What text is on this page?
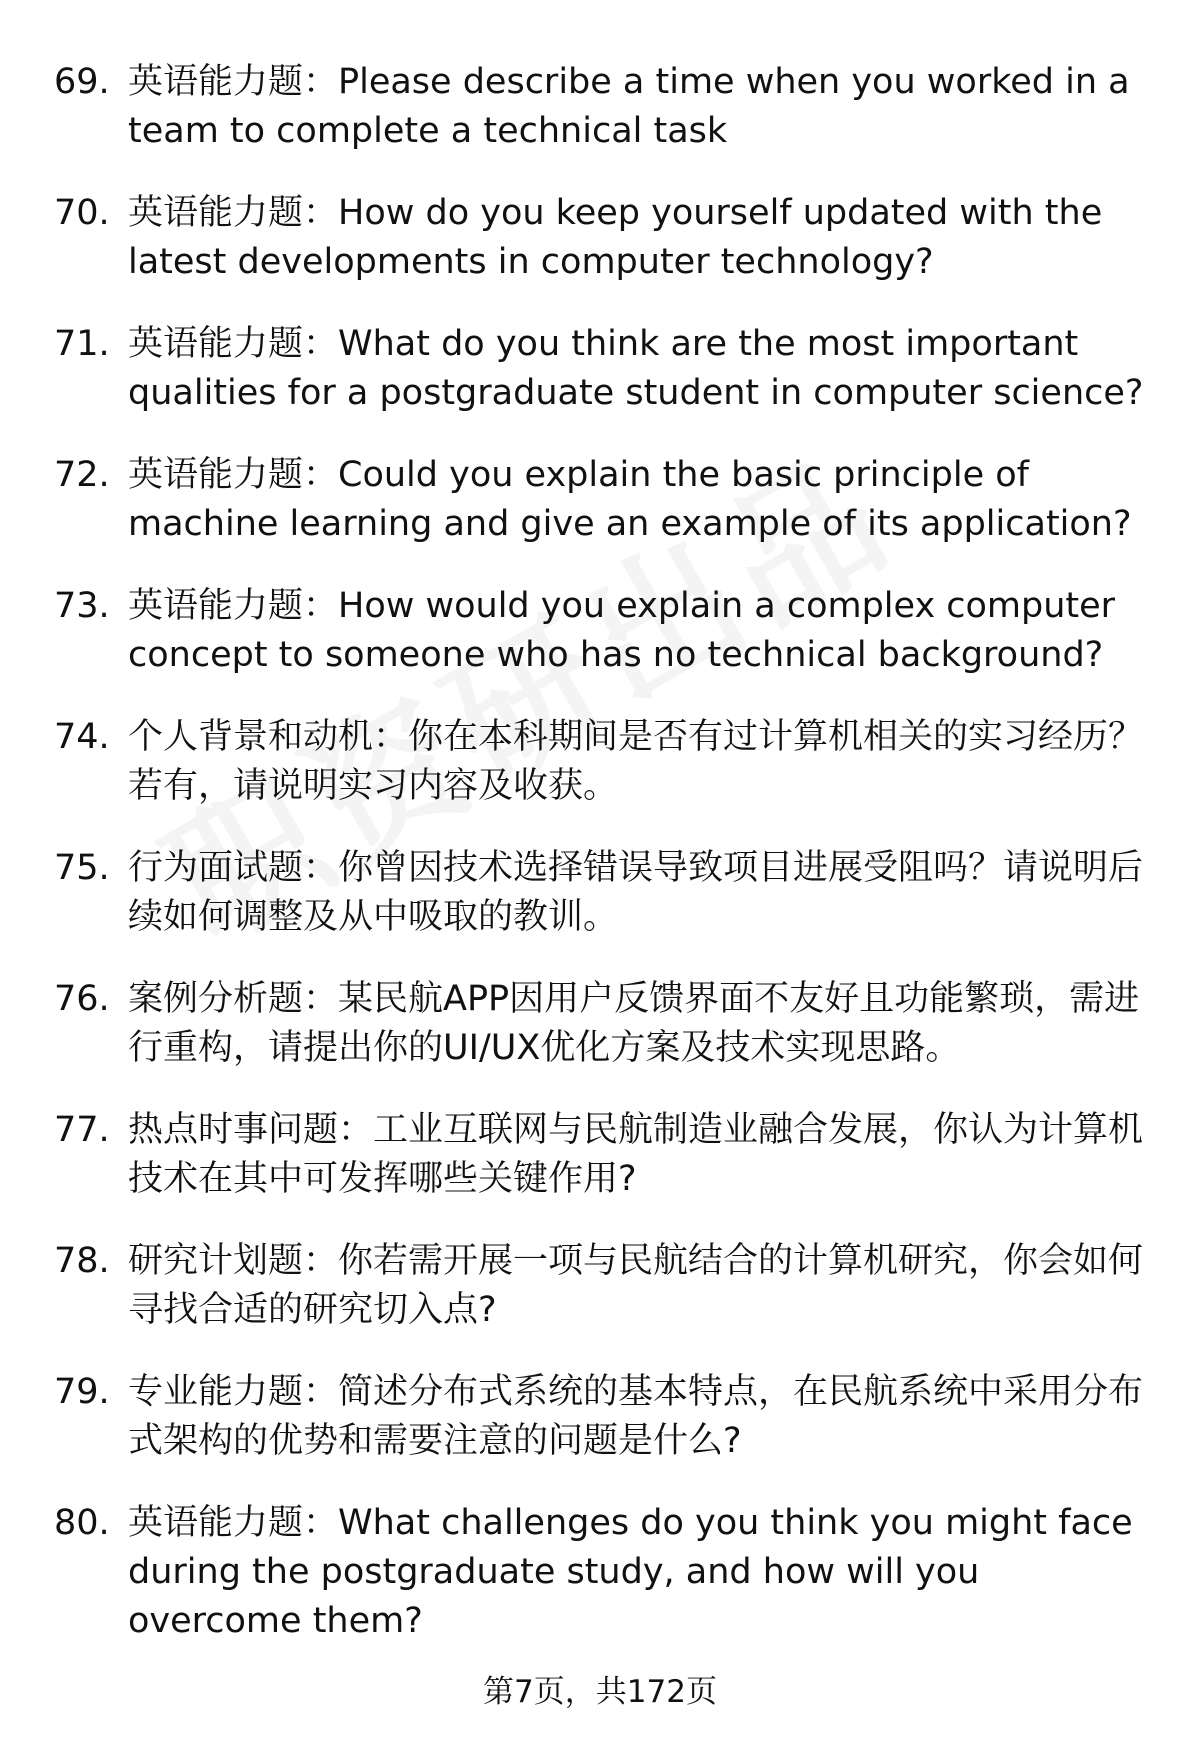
69. 英语能力题：Please describe a time when you worked in a team to complete a technical task
70. 英语能力题：How do you keep yourself updated with the latest developments in computer technology?
71. 英语能力题：What do you think are the most important qualities for a postgraduate student in computer science?
72. 英语能力题：Could you explain the basic principle of machine learning and give an example of its application?
73. 英语能力题：How would you explain a complex computer concept to someone who has no technical background?
74. 个人背景和动机：你在本科期间是否有过计算机相关的实习经历？若有，请说明实习内容及收获。
75. 行为面试题：你曾因技术选择错误导致项目进展受阻吗？请说明后续如何调整及从中吸取的教训。
76. 案例分析题：某民航APP因用户反馈界面不友好且功能繁琐，需进行重构，请提出你的UI/UX优化方案及技术实现思路。
77. 热点时事问题：工业互联网与民航制造业融合发展，你认为计算机技术在其中可发挥哪些关键作用?
78. 研究计划题：你若需开展一项与民航结合的计算机研究，你会如何寻找合适的研究切入点?
79. 专业能力题：简述分布式系统的基本特点，在民航系统中采用分布式架构的优势和需要注意的问题是什么?
80. 英语能力题：What challenges do you think you might face during the postgraduate study, and how will you overcome them?
第7页，共172页
